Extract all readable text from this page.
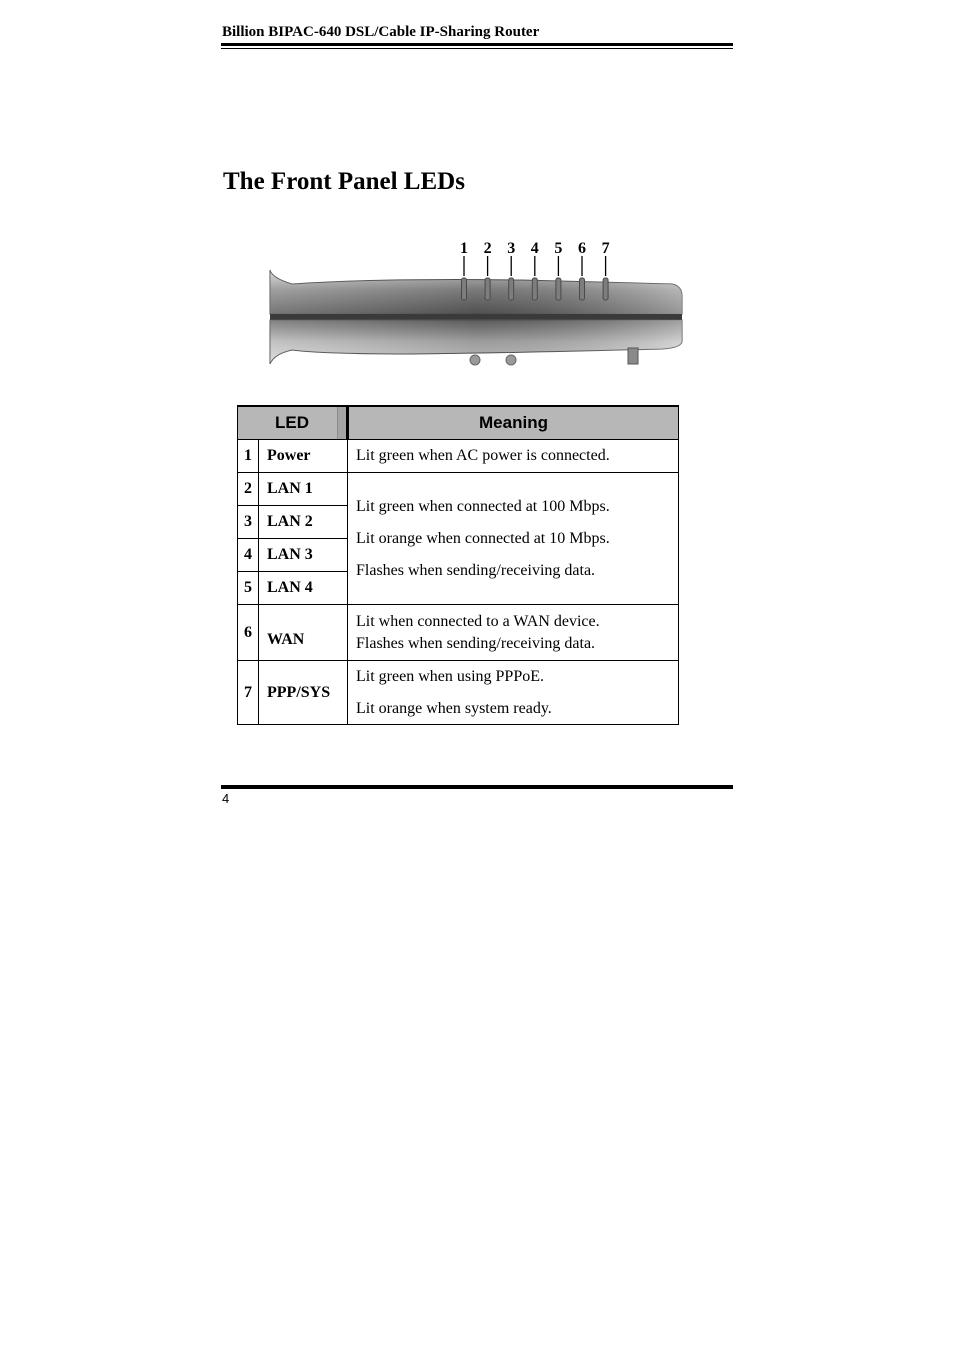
Billion BIPAC-640 DSL/Cable IP-Sharing Router
The Front Panel LEDs
1 2 3 4 5 6 7
LED		Meaning
1	Power	Lit green when AC power is connected.

2	LAN 1	Lit green when connected at 100 Mbps.

Lit orange when connected at 10 Mbps.

Flashes when sending/receiving data.

3	LAN 2	
4	LAN 3	
5	LAN 4	
6	WAN	Lit when connected to a WAN device.

Flashes when sending/receiving data.

7	PPP/SYS	Lit green when using PPPoE.

Lit orange when system ready.

4
